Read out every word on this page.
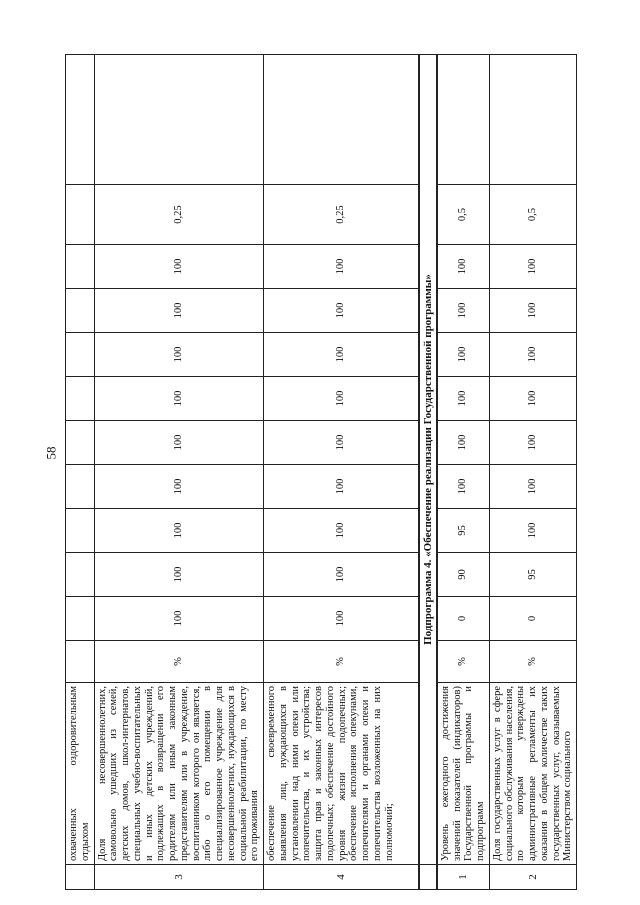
58
	охваченных оздоровительным отдыхом												
3	Доля несовершеннолетних, самовольно ушедших из семей, детских домов, школ-интернатов, специальных учебно-воспитательных и иных детских учреждений, подлежащих в возвращении его родителям или иным законным представителям или в учреждение, воспитанником которого он является, либо о его помещении в специализированное учреждение для несовершеннолетних, нуждающихся в социальной реабилитации, по месту его проживания	%	100	100	100	100	100	100	100	100	100	0,25	
4	обеспечение своевременного выявления лиц, нуждающихся в установлении над ними опеки или попечительства, и их устройства; защита прав и законных интересов подопечных; обеспечение достойного уровня жизни подопечных; обеспечение исполнения опекунами, попечителями и органами опеки и попечительства возложенных на них полномочий;	%	100	100	100	100	100	100	100	100	100	0,25	
	Подпрограмма 4. «Обеспечение реализации Государственной программы»												
1	Уровень ежегодного достижения значений показателей (индикаторов) Государственной программы и подпрограмм	%	0	90	95	100	100	100	100	100	100	0,5	
2	Доля государственных услуг в сфере социального обслуживания населения, по которым утверждены административные регламенты их оказания в общем количестве таких государственных услуг, оказываемых Министерством социального	%	0	95	100	100	100	100	100	100	100	0,5	
